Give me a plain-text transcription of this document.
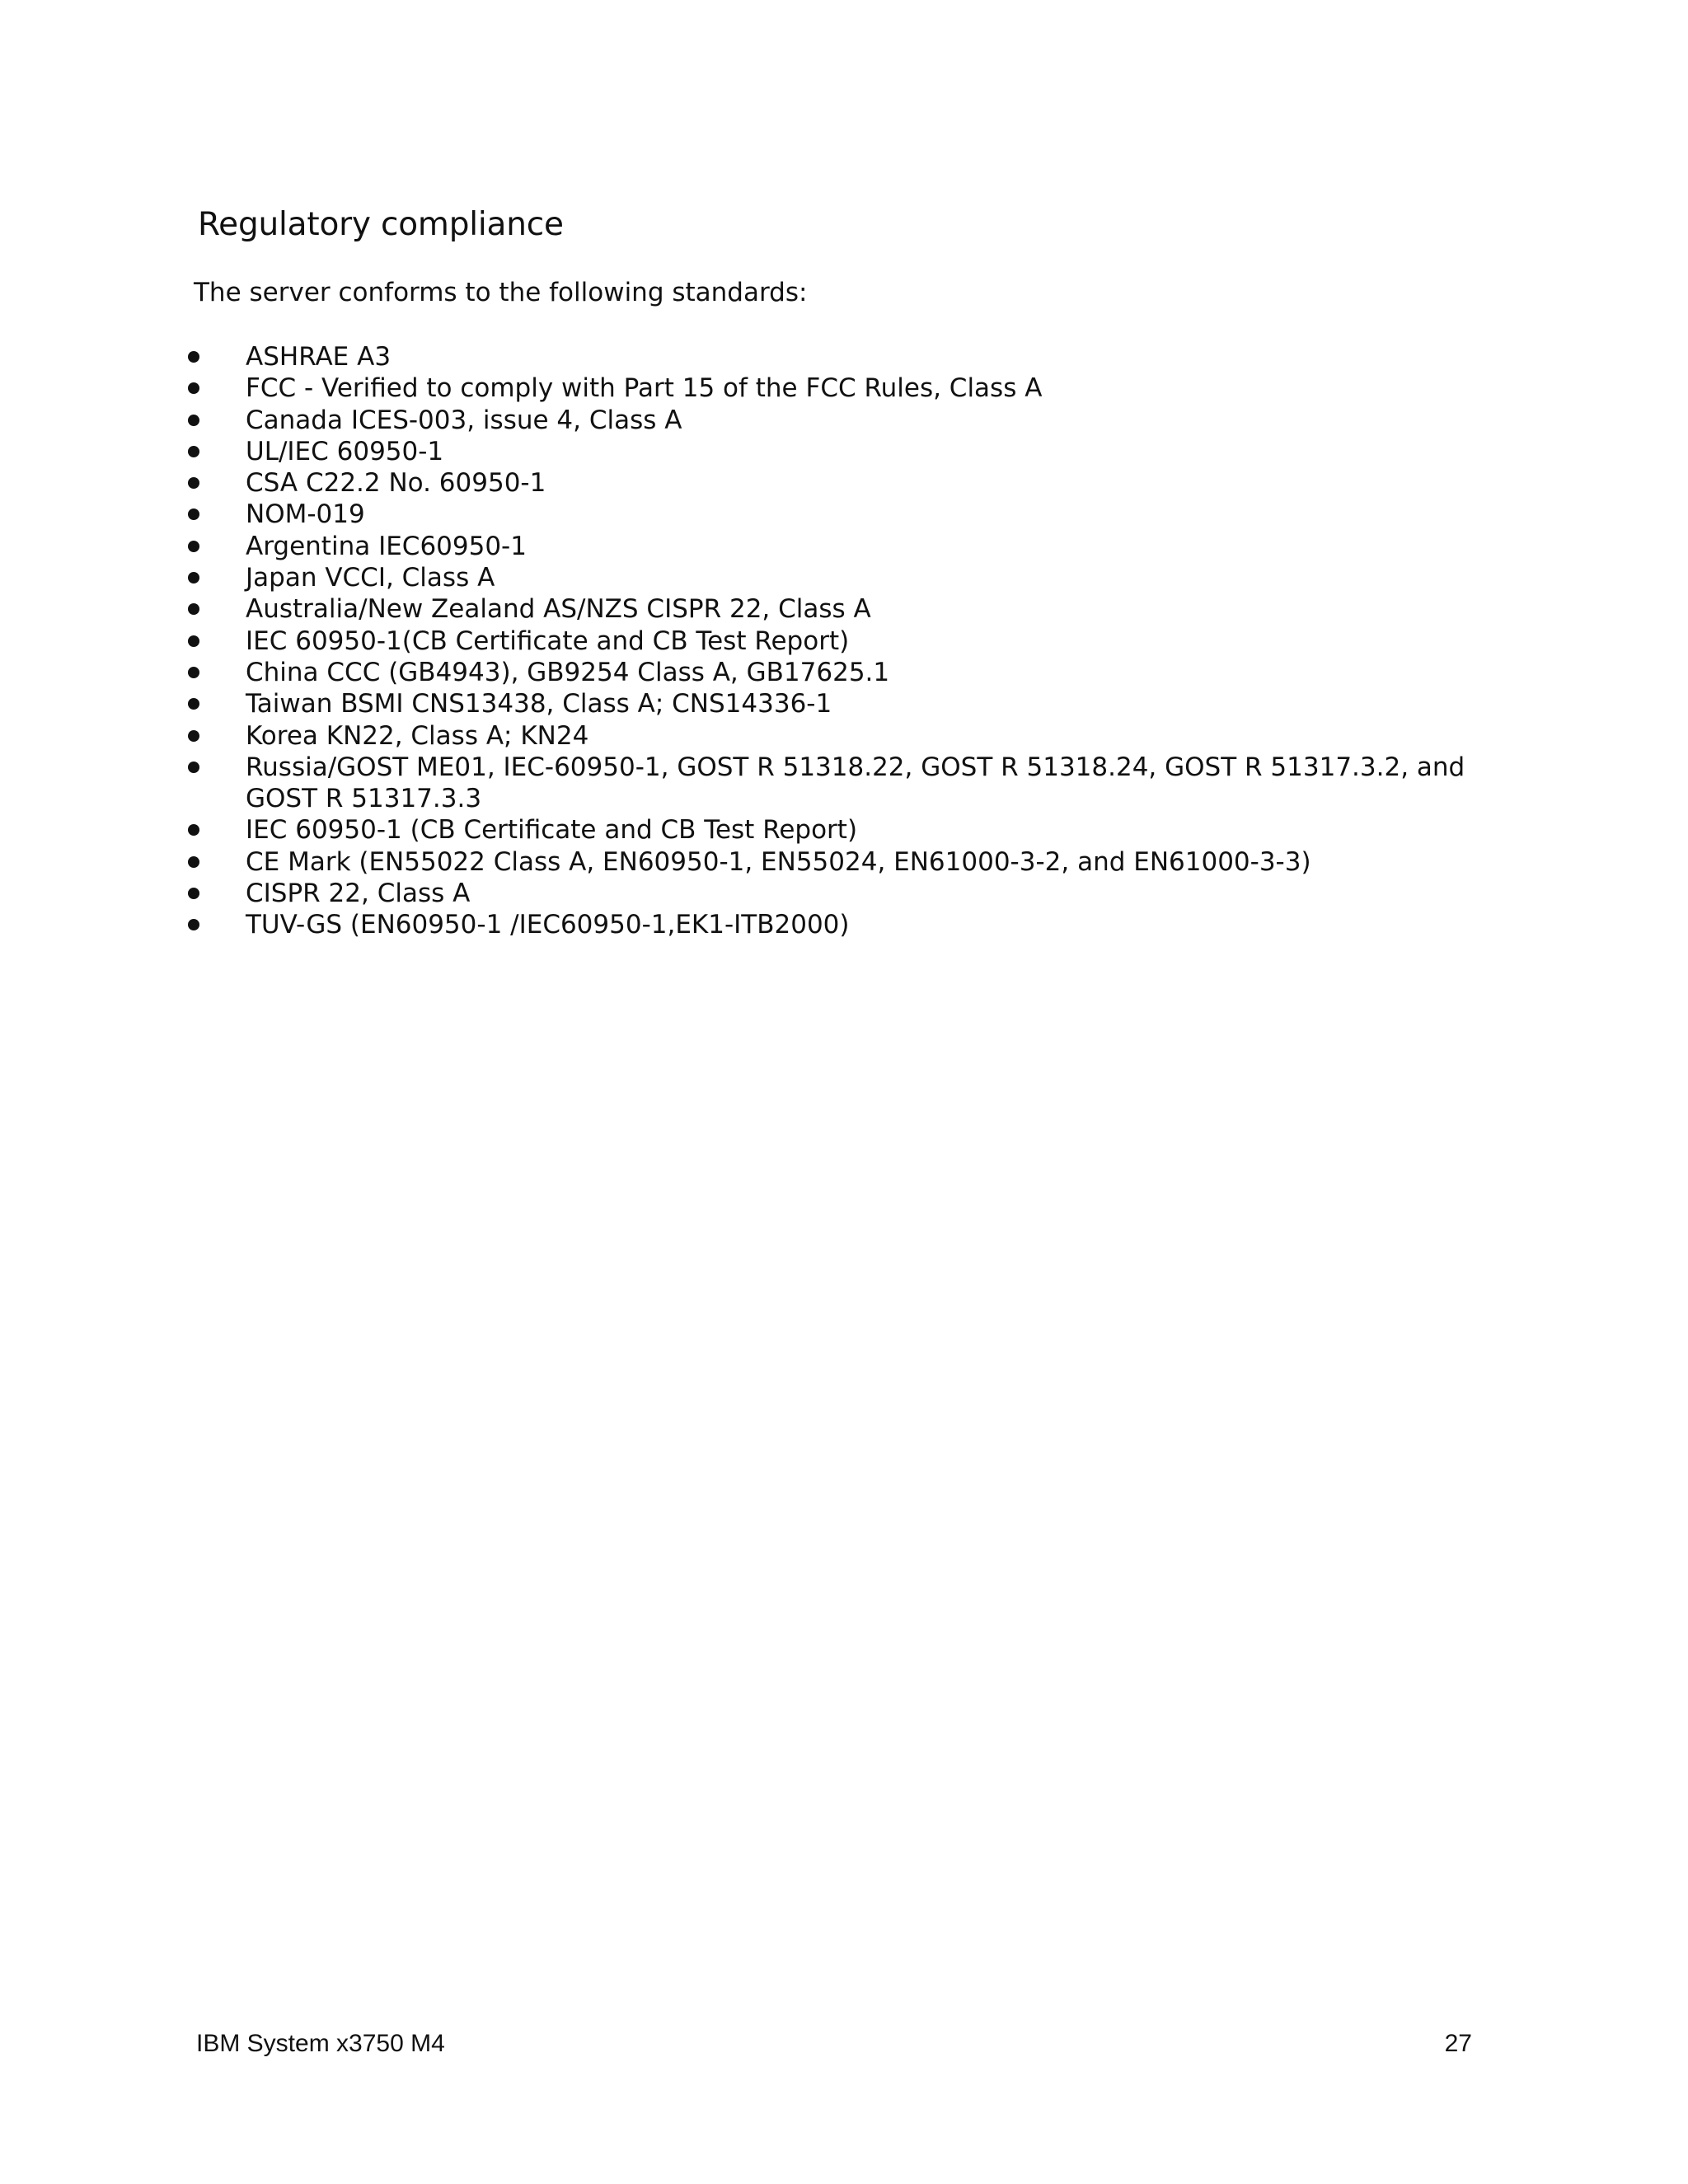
Regulatory compliance

The server conforms to the following standards:

ASHRAE A3
FCC - Verified to comply with Part 15 of the FCC Rules, Class A
Canada ICES-003, issue 4, Class A
UL/IEC 60950-1
CSA C22.2 No. 60950-1
NOM-019
Argentina IEC60950-1
Japan VCCI, Class A
Australia/New Zealand AS/NZS CISPR 22, Class A
IEC 60950-1(CB Certificate and CB Test Report)
China CCC (GB4943), GB9254 Class A, GB17625.1
Taiwan BSMI CNS13438, Class A; CNS14336-1
Korea KN22, Class A; KN24
Russia/GOST ME01, IEC-60950-1, GOST R 51318.22, GOST R 51318.24, GOST R 51317.3.2, and
GOST R 51317.3.3
IEC 60950-1 (CB Certificate and CB Test Report)
CE Mark (EN55022 Class A, EN60950-1, EN55024, EN61000-3-2, and EN61000-3-3)
CISPR 22, Class A
TUV-GS (EN60950-1 /IEC60950-1,EK1-ITB2000)

IBM System x3750 M4	27
